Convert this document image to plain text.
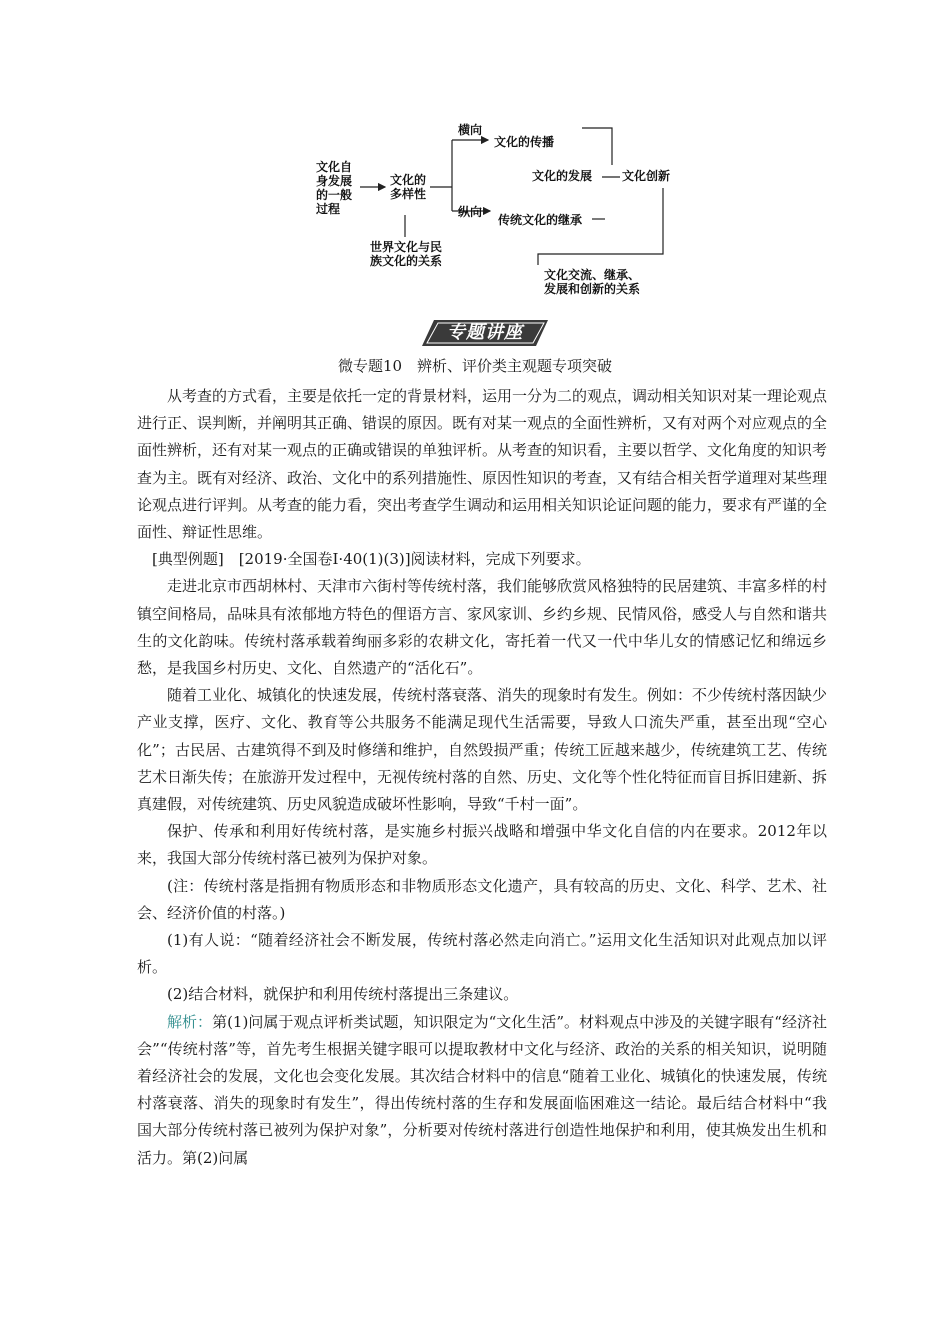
文化自
身发展
的一般
过程
文化的
多样性
横向
纵向
文化的传播
文化的发展 文化创新
传统文化的继承
世界文化与民
族文化的关系
文化交流、继承、
发展和创新的关系
专题讲座
微专题10　辨析、评价类主观题专项突破

从考查的方式看，主要是依托一定的背景材料，运用一分为二的观点，调动相关知识对某一理论观点进行正、误判断，并阐明其正确、错误的原因。既有对某一观点的全面性辨析，又有对两个对应观点的全面性辨析，还有对某一观点的正确或错误的单独评析。从考查的知识看，主要以哲学、文化角度的知识考查为主。既有对经济、政治、文化中的系列措施性、原因性知识的考查，又有结合相关哲学道理对某些理论观点进行评判。从考查的能力看，突出考查学生调动和运用相关知识论证问题的能力，要求有严谨的全面性、辩证性思维。

[典型例题]　[2019·全国卷Ⅰ·40(1)(3)]阅读材料，完成下列要求。

走进北京市西胡林村、天津市六街村等传统村落，我们能够欣赏风格独特的民居建筑、丰富多样的村镇空间格局，品味具有浓郁地方特色的俚语方言、家风家训、乡约乡规、民情风俗，感受人与自然和谐共生的文化韵味。传统村落承载着绚丽多彩的农耕文化，寄托着一代又一代中华儿女的情感记忆和绵远乡愁，是我国乡村历史、文化、自然遗产的“活化石”。

随着工业化、城镇化的快速发展，传统村落衰落、消失的现象时有发生。例如：不少传统村落因缺少产业支撑，医疗、文化、教育等公共服务不能满足现代生活需要，导致人口流失严重，甚至出现“空心化”；古民居、古建筑得不到及时修缮和维护，自然毁损严重；传统工匠越来越少，传统建筑工艺、传统艺术日渐失传；在旅游开发过程中，无视传统村落的自然、历史、文化等个性化特征而盲目拆旧建新、拆真建假，对传统建筑、历史风貌造成破坏性影响，导致“千村一面”。

保护、传承和利用好传统村落，是实施乡村振兴战略和增强中华文化自信的内在要求。2012年以来，我国大部分传统村落已被列为保护对象。

(注：传统村落是指拥有物质形态和非物质形态文化遗产，具有较高的历史、文化、科学、艺术、社会、经济价值的村落。)

(1)有人说：“随着经济社会不断发展，传统村落必然走向消亡。”运用文化生活知识对此观点加以评析。

(2)结合材料，就保护和利用传统村落提出三条建议。

解析：第(1)问属于观点评析类试题，知识限定为“文化生活”。材料观点中涉及的关键字眼有“经济社会”“传统村落”等，首先考生根据关键字眼可以提取教材中文化与经济、政治的关系的相关知识，说明随着经济社会的发展，文化也会变化发展。其次结合材料中的信息“随着工业化、城镇化的快速发展，传统村落衰落、消失的现象时有发生”，得出传统村落的生存和发展面临困难这一结论。最后结合材料中“我国大部分传统村落已被列为保护对象”，分析要对传统村落进行创造性地保护和利用，使其焕发出生机和活力。第(2)问属
